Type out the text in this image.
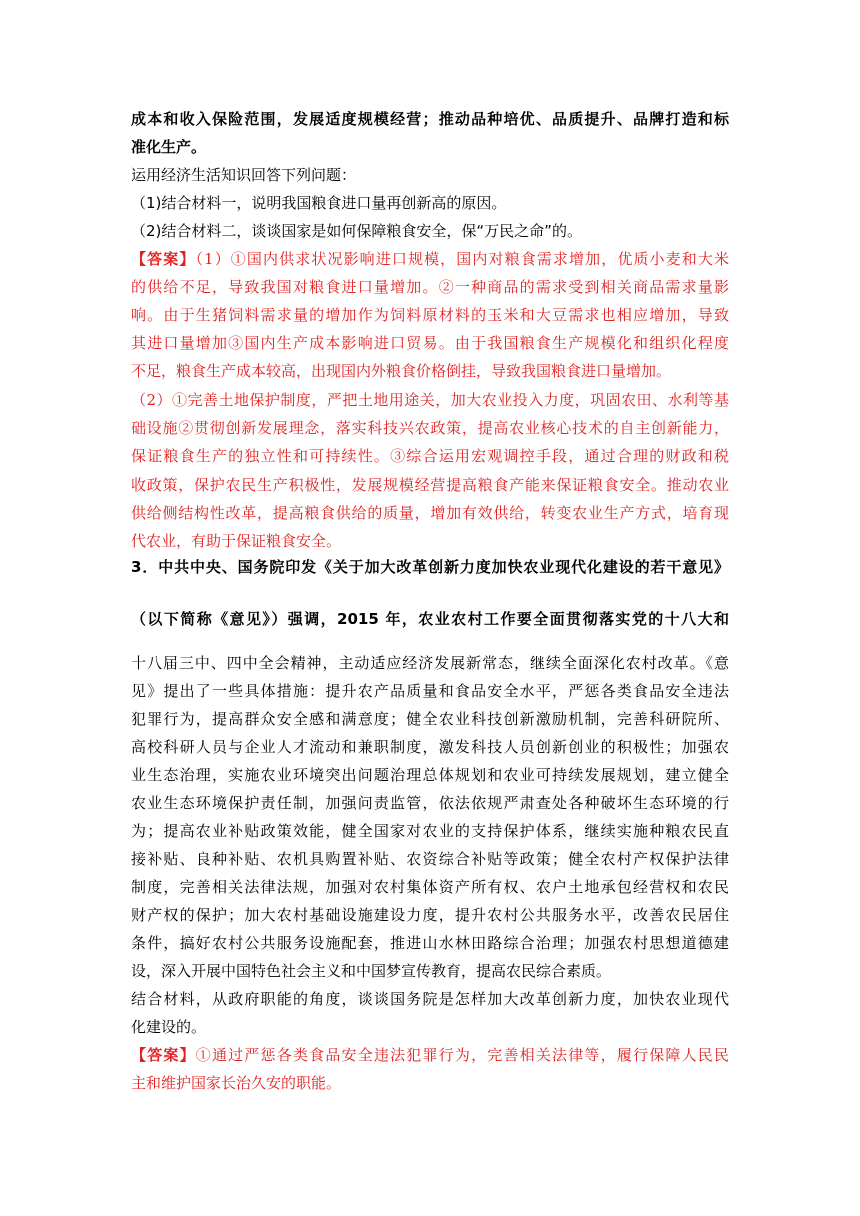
成本和收入保险范围，发展适度规模经营；推动品种培优、品质提升、品牌打造和标
准化生产。
运用经济生活知识回答下列问题：
（1)结合材料一，说明我国粮食进口量再创新高的原因。
（2)结合材料二，谈谈国家是如何保障粮食安全，保“万民之命”的。
【答案】（1）①国内供求状况影响进口规模，国内对粮食需求增加，优质小麦和大米
的供给不足，导致我国对粮食进口量增加。②一种商品的需求受到相关商品需求量影
响。由于生猪饲料需求量的增加作为饲料原材料的玉米和大豆需求也相应增加，导致
其进口量增加③国内生产成本影响进口贸易。由于我国粮食生产规模化和组织化程度
不足，粮食生产成本较高，出现国内外粮食价格倒挂，导致我国粮食进口量增加。
（2）①完善土地保护制度，严把土地用途关，加大农业投入力度，巩固农田、水利等基
础设施②贯彻创新发展理念，落实科技兴农政策，提高农业核心技术的自主创新能力，
保证粮食生产的独立性和可持续性。③综合运用宏观调控手段，通过合理的财政和税
收政策，保护农民生产积极性，发展规模经营提高粮食产能来保证粮食安全。推动农业
供给侧结构性改革，提高粮食供给的质量，增加有效供给，转变农业生产方式，培育现
代农业，有助于保证粮食安全。
3．中共中央、国务院印发《关于加大改革创新力度加快农业现代化建设的若干意见》
（以下简称《意见》）强调，2015 年，农业农村工作要全面贯彻落实党的十八大和
十八届三中、四中全会精神，主动适应经济发展新常态，继续全面深化农村改革。《意
见》提出了一些具体措施：提升农产品质量和食品安全水平，严惩各类食品安全违法
犯罪行为，提高群众安全感和满意度；健全农业科技创新激励机制，完善科研院所、
高校科研人员与企业人才流动和兼职制度，激发科技人员创新创业的积极性；加强农
业生态治理，实施农业环境突出问题治理总体规划和农业可持续发展规划，建立健全
农业生态环境保护责任制，加强问责监管，依法依规严肃查处各种破坏生态环境的行
为；提高农业补贴政策效能，健全国家对农业的支持保护体系，继续实施种粮农民直
接补贴、良种补贴、农机具购置补贴、农资综合补贴等政策；健全农村产权保护法律
制度，完善相关法律法规，加强对农村集体资产所有权、农户土地承包经营权和农民
财产权的保护；加大农村基础设施建设力度，提升农村公共服务水平，改善农民居住
条件，搞好农村公共服务设施配套，推进山水林田路综合治理；加强农村思想道德建
设，深入开展中国特色社会主义和中国梦宣传教育，提高农民综合素质。
结合材料，从政府职能的角度，谈谈国务院是怎样加大改革创新力度，加快农业现代
化建设的。
【答案】①通过严惩各类食品安全违法犯罪行为，完善相关法律等，履行保障人民民
主和维护国家长治久安的职能。
